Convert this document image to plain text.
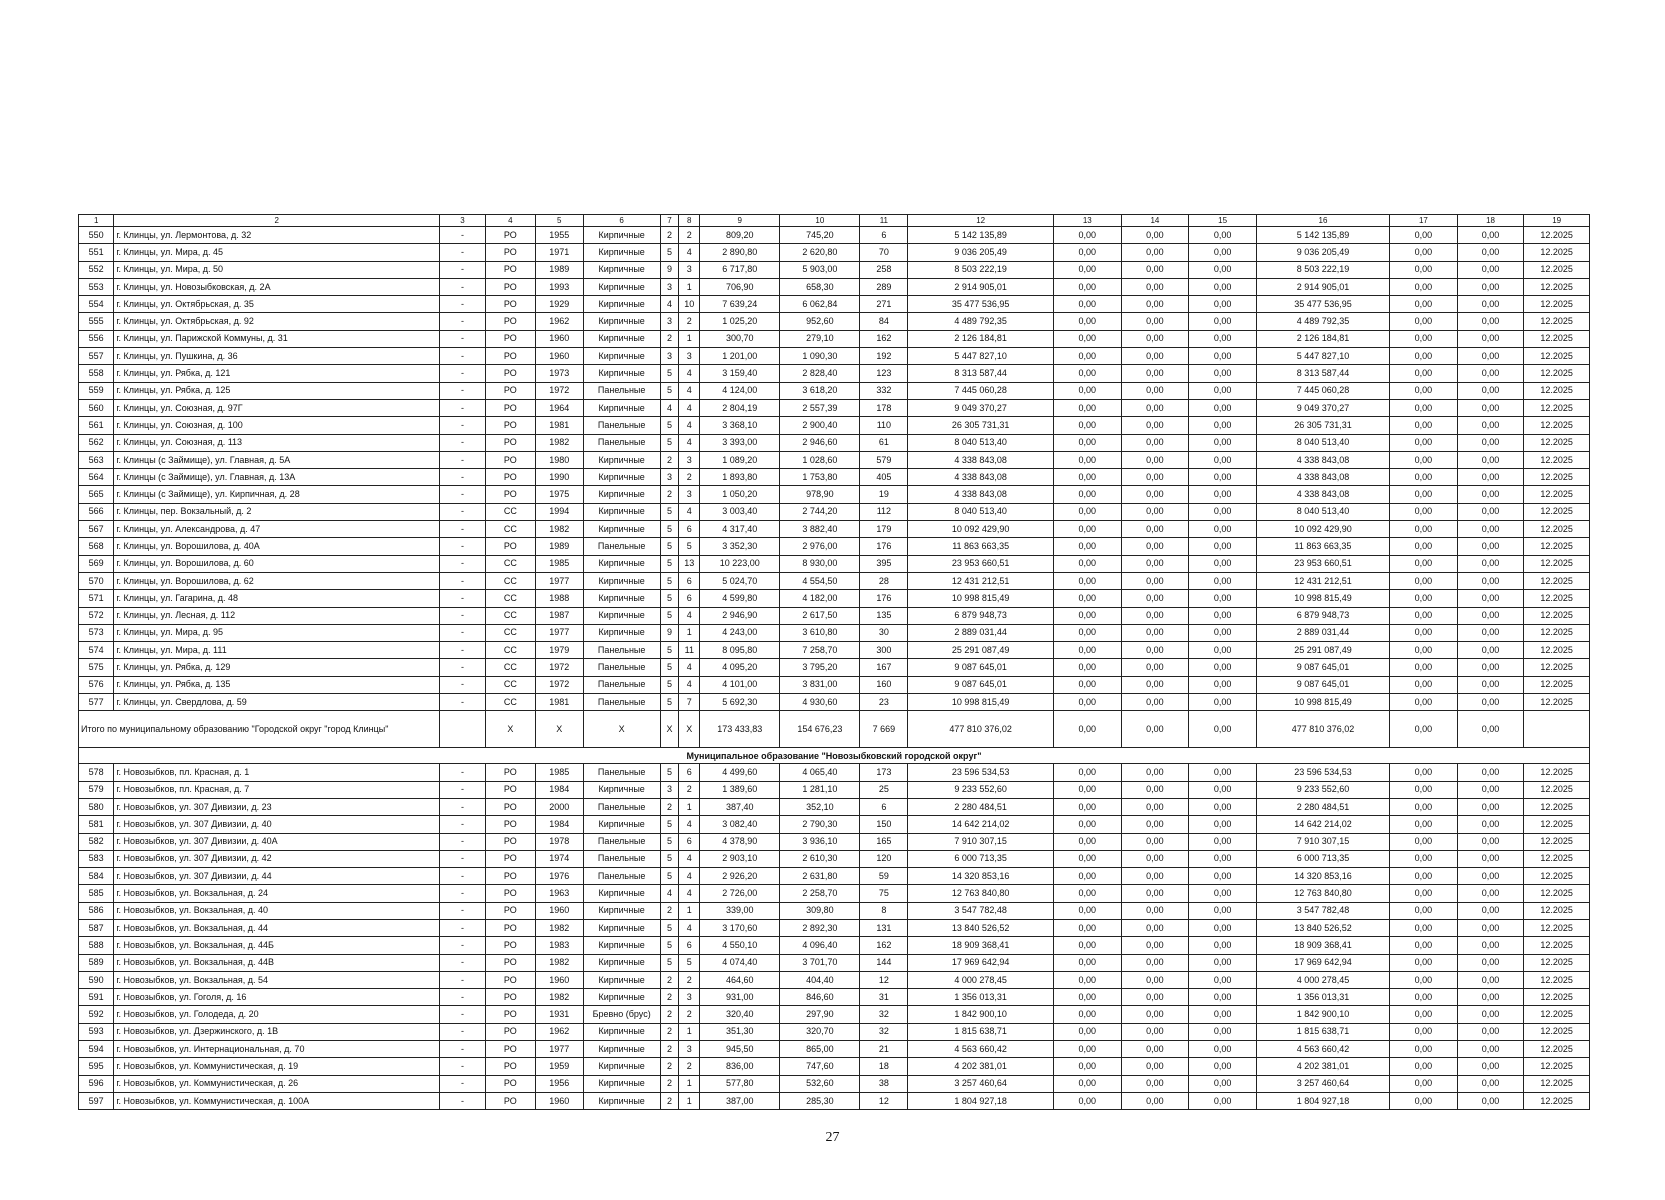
1	2	3	4	5	6	7	8	9	10	11	12	13	14	15	16	17	18	19
550	г. Клинцы, ул. Лермонтова, д. 32	-	РО	1955	Кирпичные	2	2	809,20	745,20	6	5 142 135,89	0,00	0,00	0,00	5 142 135,89	0,00	0,00	12.2025
551	г. Клинцы, ул. Мира, д. 45	-	РО	1971	Кирпичные	5	4	2 890,80	2 620,80	70	9 036 205,49	0,00	0,00	0,00	9 036 205,49	0,00	0,00	12.2025
552	г. Клинцы, ул. Мира, д. 50	-	РО	1989	Кирпичные	9	3	6 717,80	5 903,00	258	8 503 222,19	0,00	0,00	0,00	8 503 222,19	0,00	0,00	12.2025
553	г. Клинцы, ул. Новозыбковская, д. 2А	-	РО	1993	Кирпичные	3	1	706,90	658,30	289	2 914 905,01	0,00	0,00	0,00	2 914 905,01	0,00	0,00	12.2025
554	г. Клинцы, ул. Октябрьская, д. 35	-	РО	1929	Кирпичные	4	10	7 639,24	6 062,84	271	35 477 536,95	0,00	0,00	0,00	35 477 536,95	0,00	0,00	12.2025
555	г. Клинцы, ул. Октябрьская, д. 92	-	РО	1962	Кирпичные	3	2	1 025,20	952,60	84	4 489 792,35	0,00	0,00	0,00	4 489 792,35	0,00	0,00	12.2025
556	г. Клинцы, ул. Парижской Коммуны, д. 31	-	РО	1960	Кирпичные	2	1	300,70	279,10	162	2 126 184,81	0,00	0,00	0,00	2 126 184,81	0,00	0,00	12.2025
557	г. Клинцы, ул. Пушкина, д. 36	-	РО	1960	Кирпичные	3	3	1 201,00	1 090,30	192	5 447 827,10	0,00	0,00	0,00	5 447 827,10	0,00	0,00	12.2025
558	г. Клинцы, ул. Рябка, д. 121	-	РО	1973	Кирпичные	5	4	3 159,40	2 828,40	123	8 313 587,44	0,00	0,00	0,00	8 313 587,44	0,00	0,00	12.2025
559	г. Клинцы, ул. Рябка, д. 125	-	РО	1972	Панельные	5	4	4 124,00	3 618,20	332	7 445 060,28	0,00	0,00	0,00	7 445 060,28	0,00	0,00	12.2025
560	г. Клинцы, ул. Союзная, д. 97Г	-	РО	1964	Кирпичные	4	4	2 804,19	2 557,39	178	9 049 370,27	0,00	0,00	0,00	9 049 370,27	0,00	0,00	12.2025
561	г. Клинцы, ул. Союзная, д. 100	-	РО	1981	Панельные	5	4	3 368,10	2 900,40	110	26 305 731,31	0,00	0,00	0,00	26 305 731,31	0,00	0,00	12.2025
562	г. Клинцы, ул. Союзная, д. 113	-	РО	1982	Панельные	5	4	3 393,00	2 946,60	61	8 040 513,40	0,00	0,00	0,00	8 040 513,40	0,00	0,00	12.2025
563	г. Клинцы (с Займище), ул. Главная, д. 5А	-	РО	1980	Кирпичные	2	3	1 089,20	1 028,60	579	4 338 843,08	0,00	0,00	0,00	4 338 843,08	0,00	0,00	12.2025
564	г. Клинцы (с Займище), ул. Главная, д. 13А	-	РО	1990	Кирпичные	3	2	1 893,80	1 753,80	405	4 338 843,08	0,00	0,00	0,00	4 338 843,08	0,00	0,00	12.2025
565	г. Клинцы (с Займище), ул. Кирпичная, д. 28	-	РО	1975	Кирпичные	2	3	1 050,20	978,90	19	4 338 843,08	0,00	0,00	0,00	4 338 843,08	0,00	0,00	12.2025
566	г. Клинцы, пер. Вокзальный, д. 2	-	СС	1994	Кирпичные	5	4	3 003,40	2 744,20	112	8 040 513,40	0,00	0,00	0,00	8 040 513,40	0,00	0,00	12.2025
567	г. Клинцы, ул. Александрова, д. 47	-	СС	1982	Кирпичные	5	6	4 317,40	3 882,40	179	10 092 429,90	0,00	0,00	0,00	10 092 429,90	0,00	0,00	12.2025
568	г. Клинцы, ул. Ворошилова, д. 40А	-	РО	1989	Панельные	5	5	3 352,30	2 976,00	176	11 863 663,35	0,00	0,00	0,00	11 863 663,35	0,00	0,00	12.2025
569	г. Клинцы, ул. Ворошилова, д. 60	-	СС	1985	Кирпичные	5	13	10 223,00	8 930,00	395	23 953 660,51	0,00	0,00	0,00	23 953 660,51	0,00	0,00	12.2025
570	г. Клинцы, ул. Ворошилова, д. 62	-	СС	1977	Кирпичные	5	6	5 024,70	4 554,50	28	12 431 212,51	0,00	0,00	0,00	12 431 212,51	0,00	0,00	12.2025
571	г. Клинцы, ул. Гагарина, д. 48	-	СС	1988	Кирпичные	5	6	4 599,80	4 182,00	176	10 998 815,49	0,00	0,00	0,00	10 998 815,49	0,00	0,00	12.2025
572	г. Клинцы, ул. Лесная, д. 112	-	СС	1987	Кирпичные	5	4	2 946,90	2 617,50	135	6 879 948,73	0,00	0,00	0,00	6 879 948,73	0,00	0,00	12.2025
573	г. Клинцы, ул. Мира, д. 95	-	СС	1977	Кирпичные	9	1	4 243,00	3 610,80	30	2 889 031,44	0,00	0,00	0,00	2 889 031,44	0,00	0,00	12.2025
574	г. Клинцы, ул. Мира, д. 111	-	СС	1979	Панельные	5	11	8 095,80	7 258,70	300	25 291 087,49	0,00	0,00	0,00	25 291 087,49	0,00	0,00	12.2025
575	г. Клинцы, ул. Рябка, д. 129	-	СС	1972	Панельные	5	4	4 095,20	3 795,20	167	9 087 645,01	0,00	0,00	0,00	9 087 645,01	0,00	0,00	12.2025
576	г. Клинцы, ул. Рябка, д. 135	-	СС	1972	Панельные	5	4	4 101,00	3 831,00	160	9 087 645,01	0,00	0,00	0,00	9 087 645,01	0,00	0,00	12.2025
577	г. Клинцы, ул. Свердлова, д. 59	-	СС	1981	Панельные	5	7	5 692,30	4 930,60	23	10 998 815,49	0,00	0,00	0,00	10 998 815,49	0,00	0,00	12.2025
Итого по муниципальному образованию "Городской округ "город Клинцы"			Х	Х	Х	Х	Х	173 433,83	154 676,23	7 669	477 810 376,02	0,00	0,00	0,00	477 810 376,02	0,00	0,00	
Муниципальное образование "Новозыбковский городской округ"																		
578	г. Новозыбков, пл. Красная, д. 1	-	РО	1985	Панельные	5	6	4 499,60	4 065,40	173	23 596 534,53	0,00	0,00	0,00	23 596 534,53	0,00	0,00	12.2025
579	г. Новозыбков, пл. Красная, д. 7	-	РО	1984	Кирпичные	3	2	1 389,60	1 281,10	25	9 233 552,60	0,00	0,00	0,00	9 233 552,60	0,00	0,00	12.2025
580	г. Новозыбков, ул. 307 Дивизии, д. 23	-	РО	2000	Панельные	2	1	387,40	352,10	6	2 280 484,51	0,00	0,00	0,00	2 280 484,51	0,00	0,00	12.2025
581	г. Новозыбков, ул. 307 Дивизии, д. 40	-	РО	1984	Кирпичные	5	4	3 082,40	2 790,30	150	14 642 214,02	0,00	0,00	0,00	14 642 214,02	0,00	0,00	12.2025
582	г. Новозыбков, ул. 307 Дивизии, д. 40А	-	РО	1978	Панельные	5	6	4 378,90	3 936,10	165	7 910 307,15	0,00	0,00	0,00	7 910 307,15	0,00	0,00	12.2025
583	г. Новозыбков, ул. 307 Дивизии, д. 42	-	РО	1974	Панельные	5	4	2 903,10	2 610,30	120	6 000 713,35	0,00	0,00	0,00	6 000 713,35	0,00	0,00	12.2025
584	г. Новозыбков, ул. 307 Дивизии, д. 44	-	РО	1976	Панельные	5	4	2 926,20	2 631,80	59	14 320 853,16	0,00	0,00	0,00	14 320 853,16	0,00	0,00	12.2025
585	г. Новозыбков, ул. Вокзальная, д. 24	-	РО	1963	Кирпичные	4	4	2 726,00	2 258,70	75	12 763 840,80	0,00	0,00	0,00	12 763 840,80	0,00	0,00	12.2025
586	г. Новозыбков, ул. Вокзальная, д. 40	-	РО	1960	Кирпичные	2	1	339,00	309,80	8	3 547 782,48	0,00	0,00	0,00	3 547 782,48	0,00	0,00	12.2025
587	г. Новозыбков, ул. Вокзальная, д. 44	-	РО	1982	Кирпичные	5	4	3 170,60	2 892,30	131	13 840 526,52	0,00	0,00	0,00	13 840 526,52	0,00	0,00	12.2025
588	г. Новозыбков, ул. Вокзальная, д. 44Б	-	РО	1983	Кирпичные	5	6	4 550,10	4 096,40	162	18 909 368,41	0,00	0,00	0,00	18 909 368,41	0,00	0,00	12.2025
589	г. Новозыбков, ул. Вокзальная, д. 44В	-	РО	1982	Кирпичные	5	5	4 074,40	3 701,70	144	17 969 642,94	0,00	0,00	0,00	17 969 642,94	0,00	0,00	12.2025
590	г. Новозыбков, ул. Вокзальная, д. 54	-	РО	1960	Кирпичные	2	2	464,60	404,40	12	4 000 278,45	0,00	0,00	0,00	4 000 278,45	0,00	0,00	12.2025
591	г. Новозыбков, ул. Гоголя, д. 16	-	РО	1982	Кирпичные	2	3	931,00	846,60	31	1 356 013,31	0,00	0,00	0,00	1 356 013,31	0,00	0,00	12.2025
592	г. Новозыбков, ул. Голодеда, д. 20	-	РО	1931	Бревно (брус)	2	2	320,40	297,90	32	1 842 900,10	0,00	0,00	0,00	1 842 900,10	0,00	0,00	12.2025
593	г. Новозыбков, ул. Дзержинского, д. 1В	-	РО	1962	Кирпичные	2	1	351,30	320,70	32	1 815 638,71	0,00	0,00	0,00	1 815 638,71	0,00	0,00	12.2025
594	г. Новозыбков, ул. Интернациональная, д. 70	-	РО	1977	Кирпичные	2	3	945,50	865,00	21	4 563 660,42	0,00	0,00	0,00	4 563 660,42	0,00	0,00	12.2025
595	г. Новозыбков, ул. Коммунистическая, д. 19	-	РО	1959	Кирпичные	2	2	836,00	747,60	18	4 202 381,01	0,00	0,00	0,00	4 202 381,01	0,00	0,00	12.2025
596	г. Новозыбков, ул. Коммунистическая, д. 26	-	РО	1956	Кирпичные	2	1	577,80	532,60	38	3 257 460,64	0,00	0,00	0,00	3 257 460,64	0,00	0,00	12.2025
597	г. Новозыбков, ул. Коммунистическая, д. 100А	-	РО	1960	Кирпичные	2	1	387,00	285,30	12	1 804 927,18	0,00	0,00	0,00	1 804 927,18	0,00	0,00	12.2025
27
